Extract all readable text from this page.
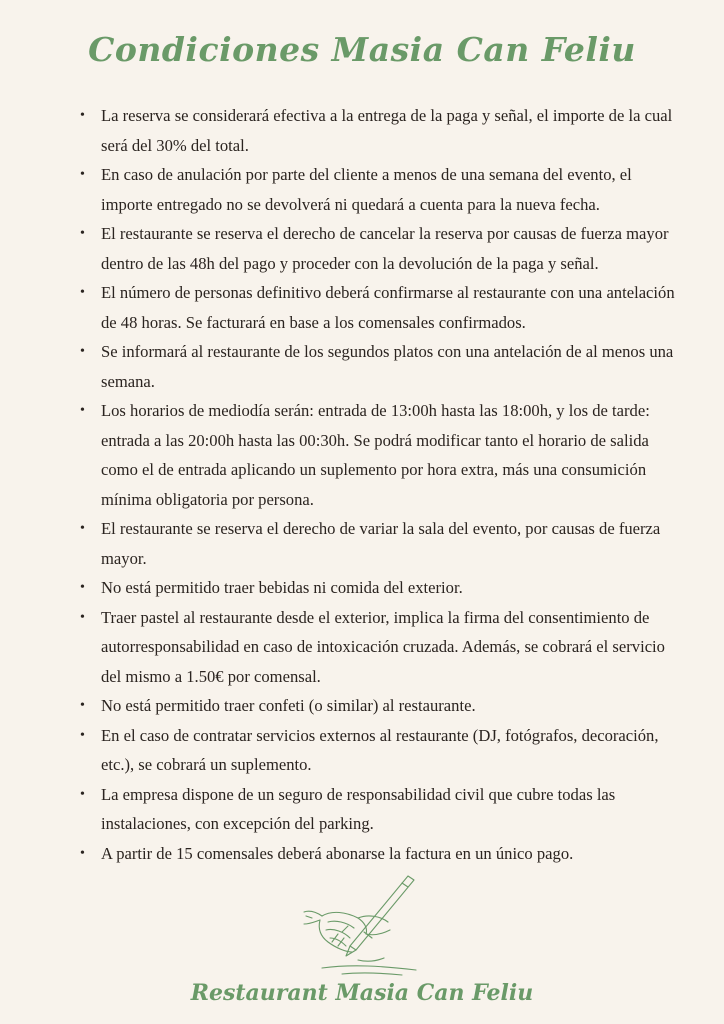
Condiciones Masia Can Feliu
• La reserva se considerará efectiva a la entrega de la paga y señal, el importe de la cual será del 30% del total.
• En caso de anulación por parte del cliente a menos de una semana del evento, el importe entregado no se devolverá ni quedará a cuenta para la nueva fecha.
• El restaurante se reserva el derecho de cancelar la reserva por causas de fuerza mayor dentro de las 48h del pago y proceder con la devolución de la paga y señal.
• El número de personas definitivo deberá confirmarse al restaurante con una antelación de 48 horas. Se facturará en base a los comensales confirmados.
• Se informará al restaurante de los segundos platos con una antelación de al menos una semana.
• Los horarios de mediodía serán: entrada de 13:00h hasta las 18:00h, y los de tarde: entrada a las 20:00h hasta las 00:30h. Se podrá modificar tanto el horario de salida como el de entrada aplicando un suplemento por hora extra, más una consumición mínima obligatoria por persona.
• El restaurante se reserva el derecho de variar la sala del evento, por causas de fuerza mayor.
• No está permitido traer bebidas ni comida del exterior.
• Traer pastel al restaurante desde el exterior, implica la firma del consentimiento de autorresponsabilidad en caso de intoxicación cruzada. Además, se cobrará el servicio del mismo a 1.50€ por comensal.
• No está permitido traer confeti (o similar) al restaurante.
• En el caso de contratar servicios externos al restaurante (DJ, fotógrafos, decoración, etc.), se cobrará un suplemento.
• La empresa dispone de un seguro de responsabilidad civil que cubre todas las instalaciones, con excepción del parking.
• A partir de 15 comensales deberá abonarse la factura en un único pago.
Restaurant Masia Can Feliu
